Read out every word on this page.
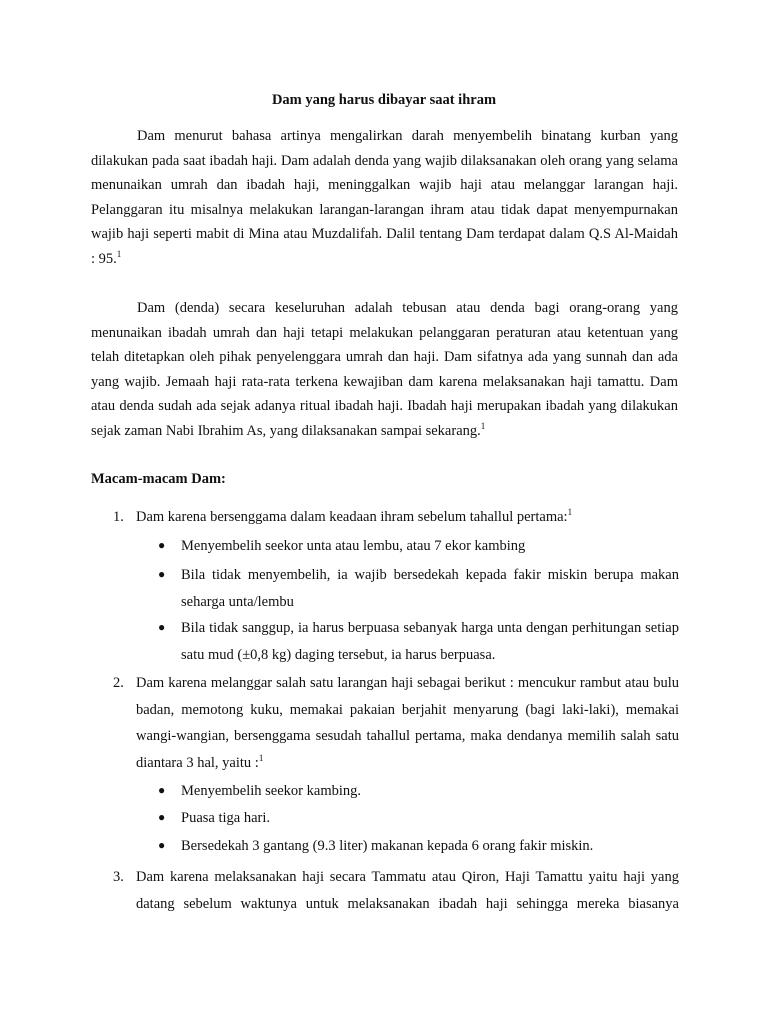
Dam yang harus dibayar saat ihram
Dam menurut bahasa artinya mengalirkan darah menyembelih binatang kurban yang dilakukan pada saat ibadah haji. Dam adalah denda yang wajib dilaksanakan oleh orang yang selama menunaikan umrah dan ibadah haji, meninggalkan wajib haji atau melanggar larangan haji. Pelanggaran itu misalnya melakukan larangan-larangan ihram atau tidak dapat menyempurnakan wajib haji seperti mabit di Mina atau Muzdalifah. Dalil tentang Dam terdapat dalam Q.S Al-Maidah : 95.$^1$
Dam (denda) secara keseluruhan adalah tebusan atau denda bagi orang-orang yang menunaikan ibadah umrah dan haji tetapi melakukan pelanggaran peraturan atau ketentuan yang telah ditetapkan oleh pihak penyelenggara umrah dan haji. Dam sifatnya ada yang sunnah dan ada yang wajib. Jemaah haji rata-rata terkena kewajiban dam karena melaksanakan haji tamattu. Dam atau denda sudah ada sejak adanya ritual ibadah haji. Ibadah haji merupakan ibadah yang dilakukan sejak zaman Nabi Ibrahim As, yang dilaksanakan sampai sekarang.$^1$
Macam-macam Dam:
1. Dam karena bersenggama dalam keadaan ihram sebelum tahallul pertama:$^1$
● Menyembelih seekor unta atau lembu, atau 7 ekor kambing
● Bila tidak menyembelih, ia wajib bersedekah kepada fakir miskin berupa makan seharga unta/lembu
● Bila tidak sanggup, ia harus berpuasa sebanyak harga unta dengan perhitungan setiap satu mud (±0,8 kg) daging tersebut, ia harus berpuasa.
2. Dam karena melanggar salah satu larangan haji sebagai berikut : mencukur rambut atau bulu badan, memotong kuku, memakai pakaian berjahit menyarung (bagi laki-laki), memakai wangi-wangian, bersenggama sesudah tahallul pertama, maka dendanya memilih salah satu diantara 3 hal, yaitu :$^1$
● Menyembelih seekor kambing.
● Puasa tiga hari.
● Bersedekah 3 gantang (9.3 liter) makanan kepada 6 orang fakir miskin.
3. Dam karena melaksanakan haji secara Tammatu atau Qiron, Haji Tamattu yaitu haji yang datang sebelum waktunya untuk melaksanakan ibadah haji sehingga mereka biasanya
